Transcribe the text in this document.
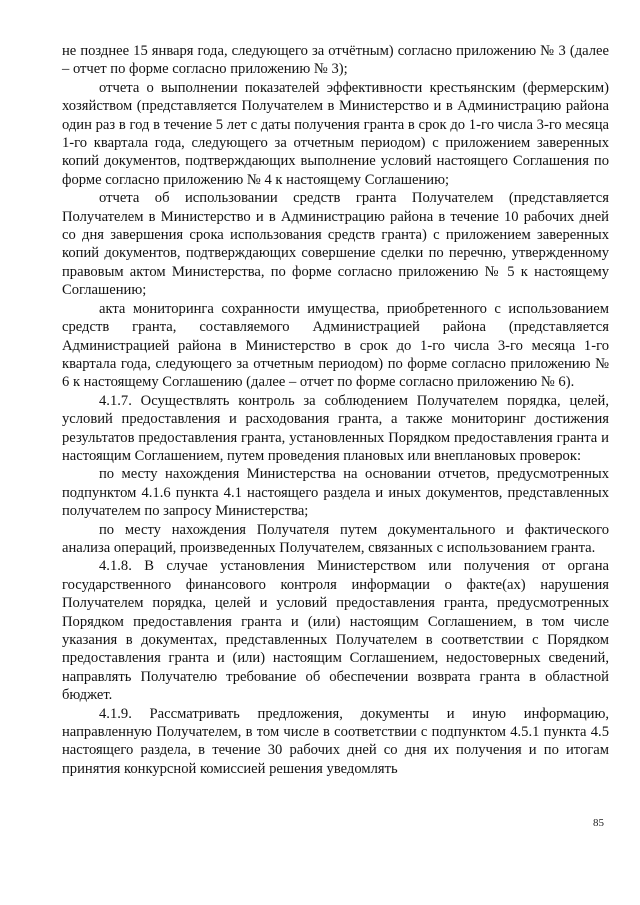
не позднее 15 января года, следующего за отчётным) согласно приложению № 3 (далее – отчет по форме согласно приложению № 3);

отчета о выполнении показателей эффективности крестьянским (фермерским) хозяйством (представляется Получателем в Министерство и в Администрацию района один раз в год в течение 5 лет с даты получения гранта в срок до 1-го числа 3-го месяца 1-го квартала года, следующего за отчетным периодом) с приложением заверенных копий документов, подтверждающих выполнение условий настоящего Соглашения по форме согласно приложению № 4 к настоящему Соглашению;

отчета об использовании средств гранта Получателем (представляется Получателем в Министерство и в Администрацию района в течение 10 рабочих дней со дня завершения срока использования средств гранта) с приложением заверенных копий документов, подтверждающих совершение сделки по перечню, утвержденному правовым актом Министерства, по форме согласно приложению № 5 к настоящему Соглашению;

акта мониторинга сохранности имущества, приобретенного с использованием средств гранта, составляемого Администрацией района (представляется Администрацией района в Министерство в срок до 1-го числа 3-го месяца 1-го квартала года, следующего за отчетным периодом) по форме согласно приложению № 6 к настоящему Соглашению (далее – отчет по форме согласно приложению № 6).

4.1.7. Осуществлять контроль за соблюдением Получателем порядка, целей, условий предоставления и расходования гранта, а также мониторинг достижения результатов предоставления гранта, установленных Порядком предоставления гранта и настоящим Соглашением, путем проведения плановых или внеплановых проверок:

по месту нахождения Министерства на основании отчетов, предусмотренных подпунктом 4.1.6 пункта 4.1 настоящего раздела и иных документов, представленных получателем по запросу Министерства;

по месту нахождения Получателя путем документального и фактического анализа операций, произведенных Получателем, связанных с использованием гранта.

4.1.8. В случае установления Министерством или получения от органа государственного финансового контроля информации о факте(ах) нарушения Получателем порядка, целей и условий предоставления гранта, предусмотренных Порядком предоставления гранта и (или) настоящим Соглашением, в том числе указания в документах, представленных Получателем в соответствии с Порядком предоставления гранта и (или) настоящим Соглашением, недостоверных сведений, направлять Получателю требование об обеспечении возврата гранта в областной бюджет.

4.1.9. Рассматривать предложения, документы и иную информацию, направленную Получателем, в том числе в соответствии с подпунктом 4.5.1 пункта 4.5 настоящего раздела, в течение 30 рабочих дней со дня их получения и по итогам принятия конкурсной комиссией решения уведомлять

85
